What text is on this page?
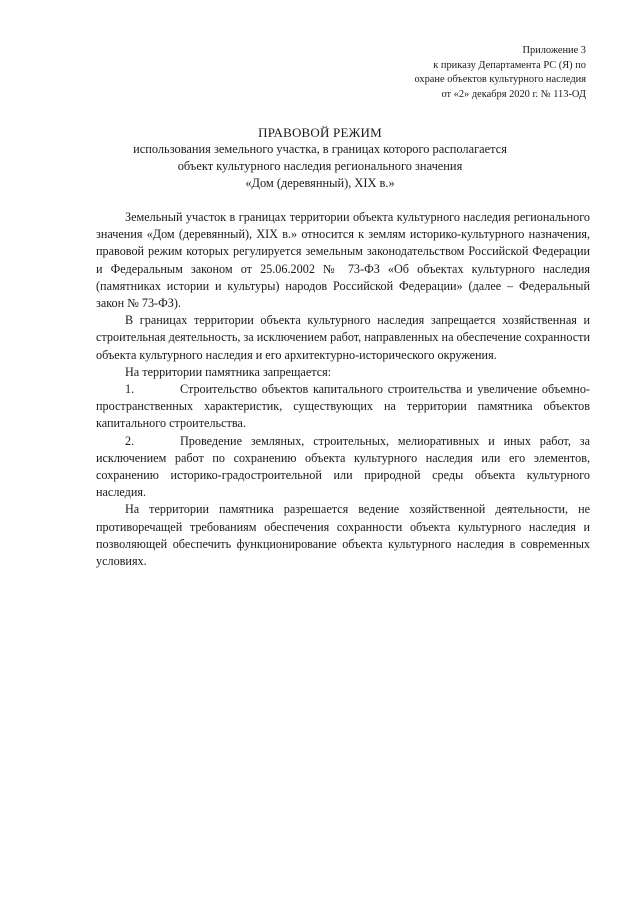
Приложение 3
к приказу Департамента РС (Я) по
охране объектов культурного наследия
от «2» декабря 2020 г. № 113-ОД
ПРАВОВОЙ РЕЖИМ
использования земельного участка, в границах которого располагается
объект культурного наследия регионального значения
«Дом (деревянный), XIX в.»

Земельный участок в границах территории объекта культурного наследия регионального значения «Дом (деревянный), XIX в.» относится к землям историко-культурного назначения, правовой режим которых регулируется земельным законодательством Российской Федерации и Федеральным законом от 25.06.2002 № 73-ФЗ «Об объектах культурного наследия (памятниках истории и культуры) народов Российской Федерации» (далее – Федеральный закон № 73-ФЗ).

В границах территории объекта культурного наследия запрещается хозяйственная и строительная деятельность, за исключением работ, направленных на обеспечение сохранности объекта культурного наследия и его архитектурно-исторического окружения.

На территории памятника запрещается:

1.	Строительство объектов капитального строительства и увеличение объемно-пространственных характеристик, существующих на территории памятника объектов капитального строительства.

2.	Проведение земляных, строительных, мелиоративных и иных работ, за исключением работ по сохранению объекта культурного наследия или его элементов, сохранению историко-градостроительной или природной среды объекта культурного наследия.

На территории памятника разрешается ведение хозяйственной деятельности, не противоречащей требованиям обеспечения сохранности объекта культурного наследия и позволяющей обеспечить функционирование объекта культурного наследия в современных условиях.
